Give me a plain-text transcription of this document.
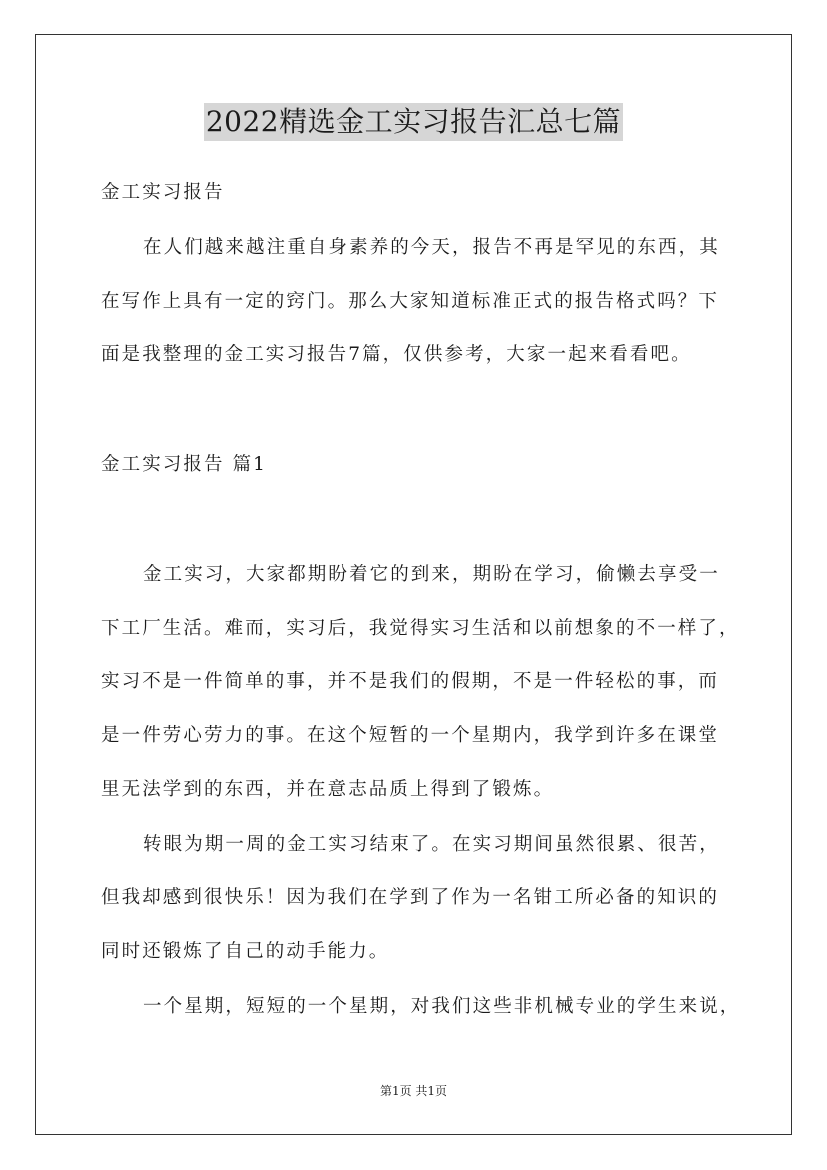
2022精选金工实习报告汇总七篇
金工实习报告
在人们越来越注重自身素养的今天，报告不再是罕见的东西，其
在写作上具有一定的窍门。那么大家知道标准正式的报告格式吗？下
面是我整理的金工实习报告7篇，仅供参考，大家一起来看看吧。
金工实习报告 篇1
金工实习，大家都期盼着它的到来，期盼在学习，偷懒去享受一
下工厂生活。难而，实习后，我觉得实习生活和以前想象的不一样了，
实习不是一件简单的事，并不是我们的假期，不是一件轻松的事，而
是一件劳心劳力的事。在这个短暂的一个星期内，我学到许多在课堂
里无法学到的东西，并在意志品质上得到了锻炼。
转眼为期一周的金工实习结束了。在实习期间虽然很累、很苦，
但我却感到很快乐！因为我们在学到了作为一名钳工所必备的知识的
同时还锻炼了自己的动手能力。
一个星期，短短的一个星期，对我们这些非机械专业的学生来说，
第1页 共1页
